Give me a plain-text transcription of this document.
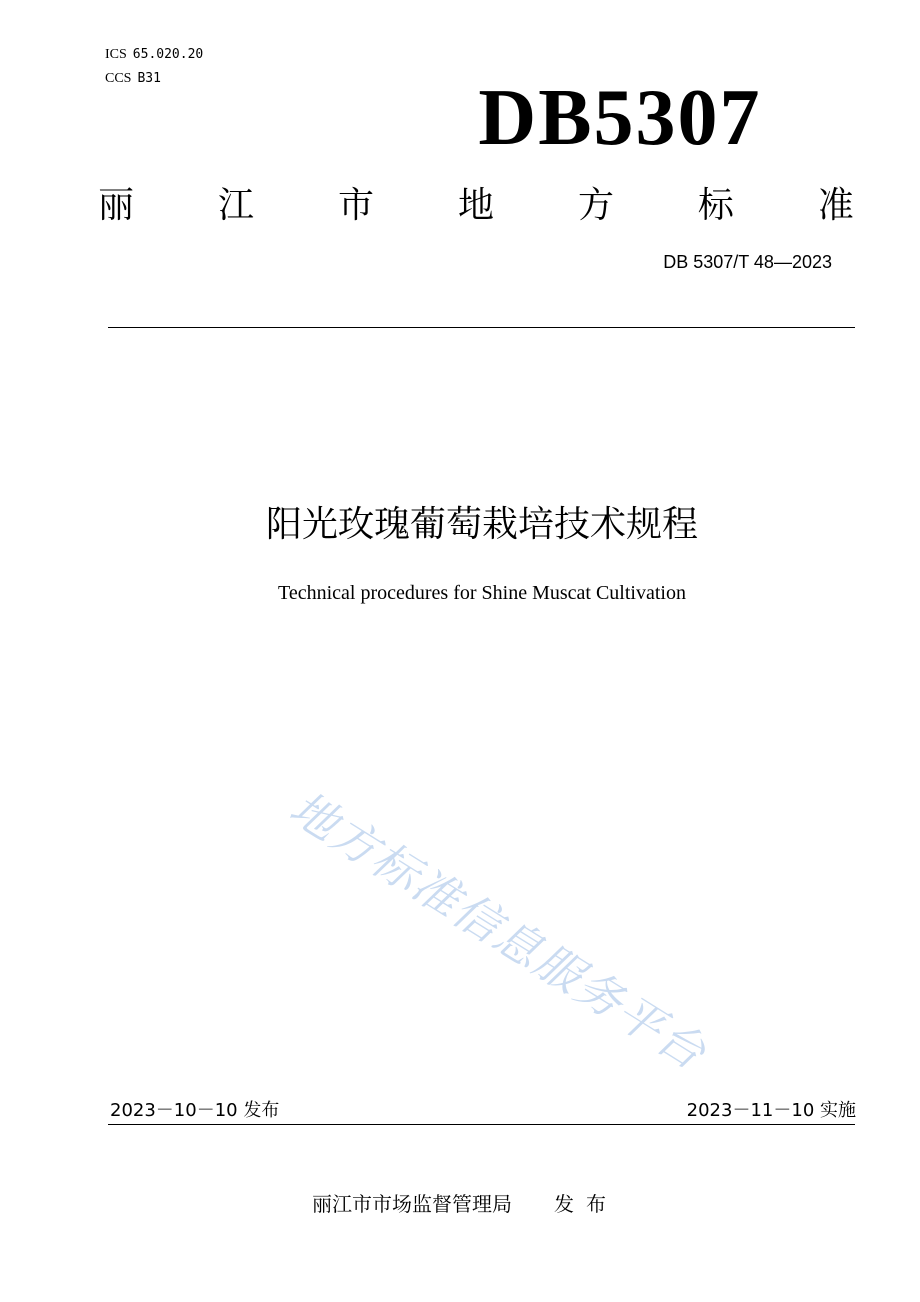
ICS 65.020.20
CCS B31	DB5307
丽 江 市 地 方 标 准
DB 5307/T 48—2023
阳光玫瑰葡萄栽培技术规程
Technical procedures for Shine Muscat Cultivation
地方标准信息服务平台
2023－10－10 发布	2023－11－10 实施
丽江市市场监督管理局 发布
